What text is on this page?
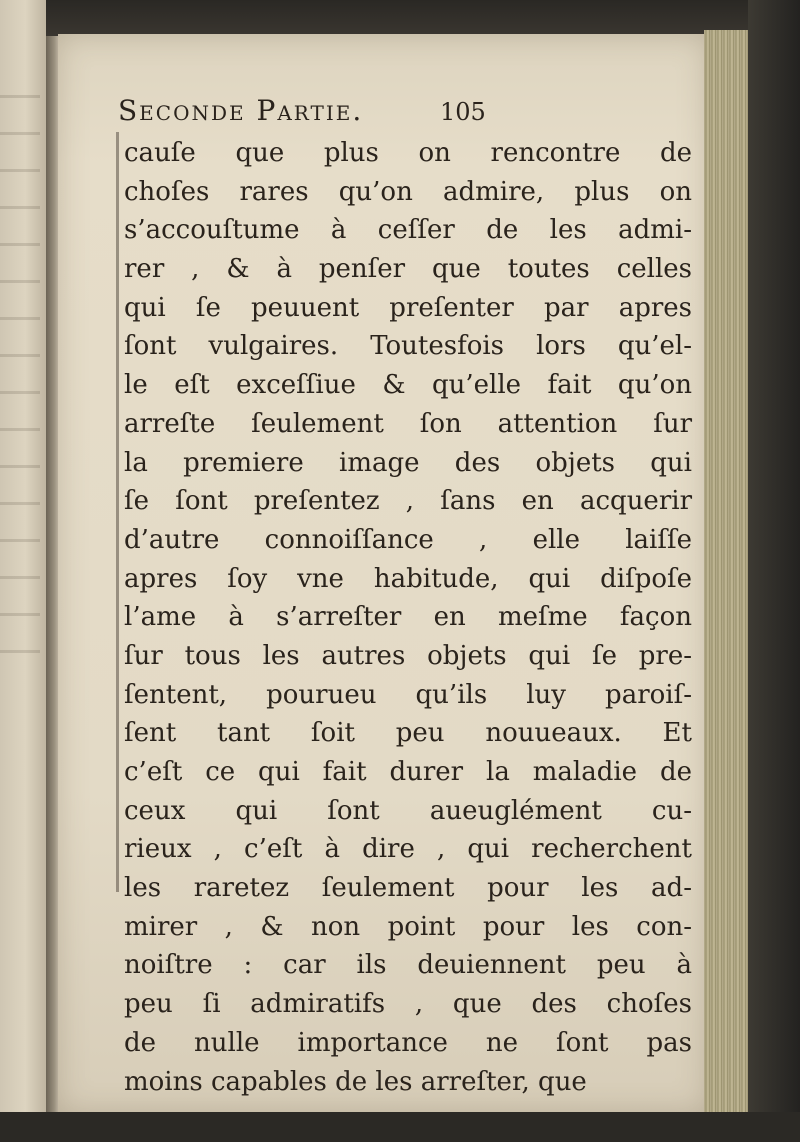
Seconde Partie.	105
cauſe que plus on rencontre de
choſes rares qu’on admire, plus on
s’accouſtume à ceſſer de les admi-
rer , & à penſer que toutes celles
qui ſe peuuent preſenter par apres
ſont vulgaires. Toutesfois lors qu’el-
le eſt exceſſiue & qu’elle fait qu’on
arreſte ſeulement ſon attention ſur
la premiere image des objets qui
ſe ſont preſentez , ſans en acquerir
d’autre connoiſſance , elle laiſſe
apres ſoy vne habitude, qui diſpoſe
l’ame à s’arreſter en meſme façon
ſur tous les autres objets qui ſe pre-
ſentent, pourueu qu’ils luy paroiſ-
ſent tant ſoit peu nouueaux. Et
c’eſt ce qui fait durer la maladie de
ceux qui ſont aueuglément cu-
rieux , c’eſt à dire , qui recherchent
les raretez ſeulement pour les ad-
mirer , & non point pour les con-
noiſtre : car ils deuiennent peu à
peu ſi admiratifs , que des choſes
de nulle importance ne ſont pas
moins capables de les arreſter, que
